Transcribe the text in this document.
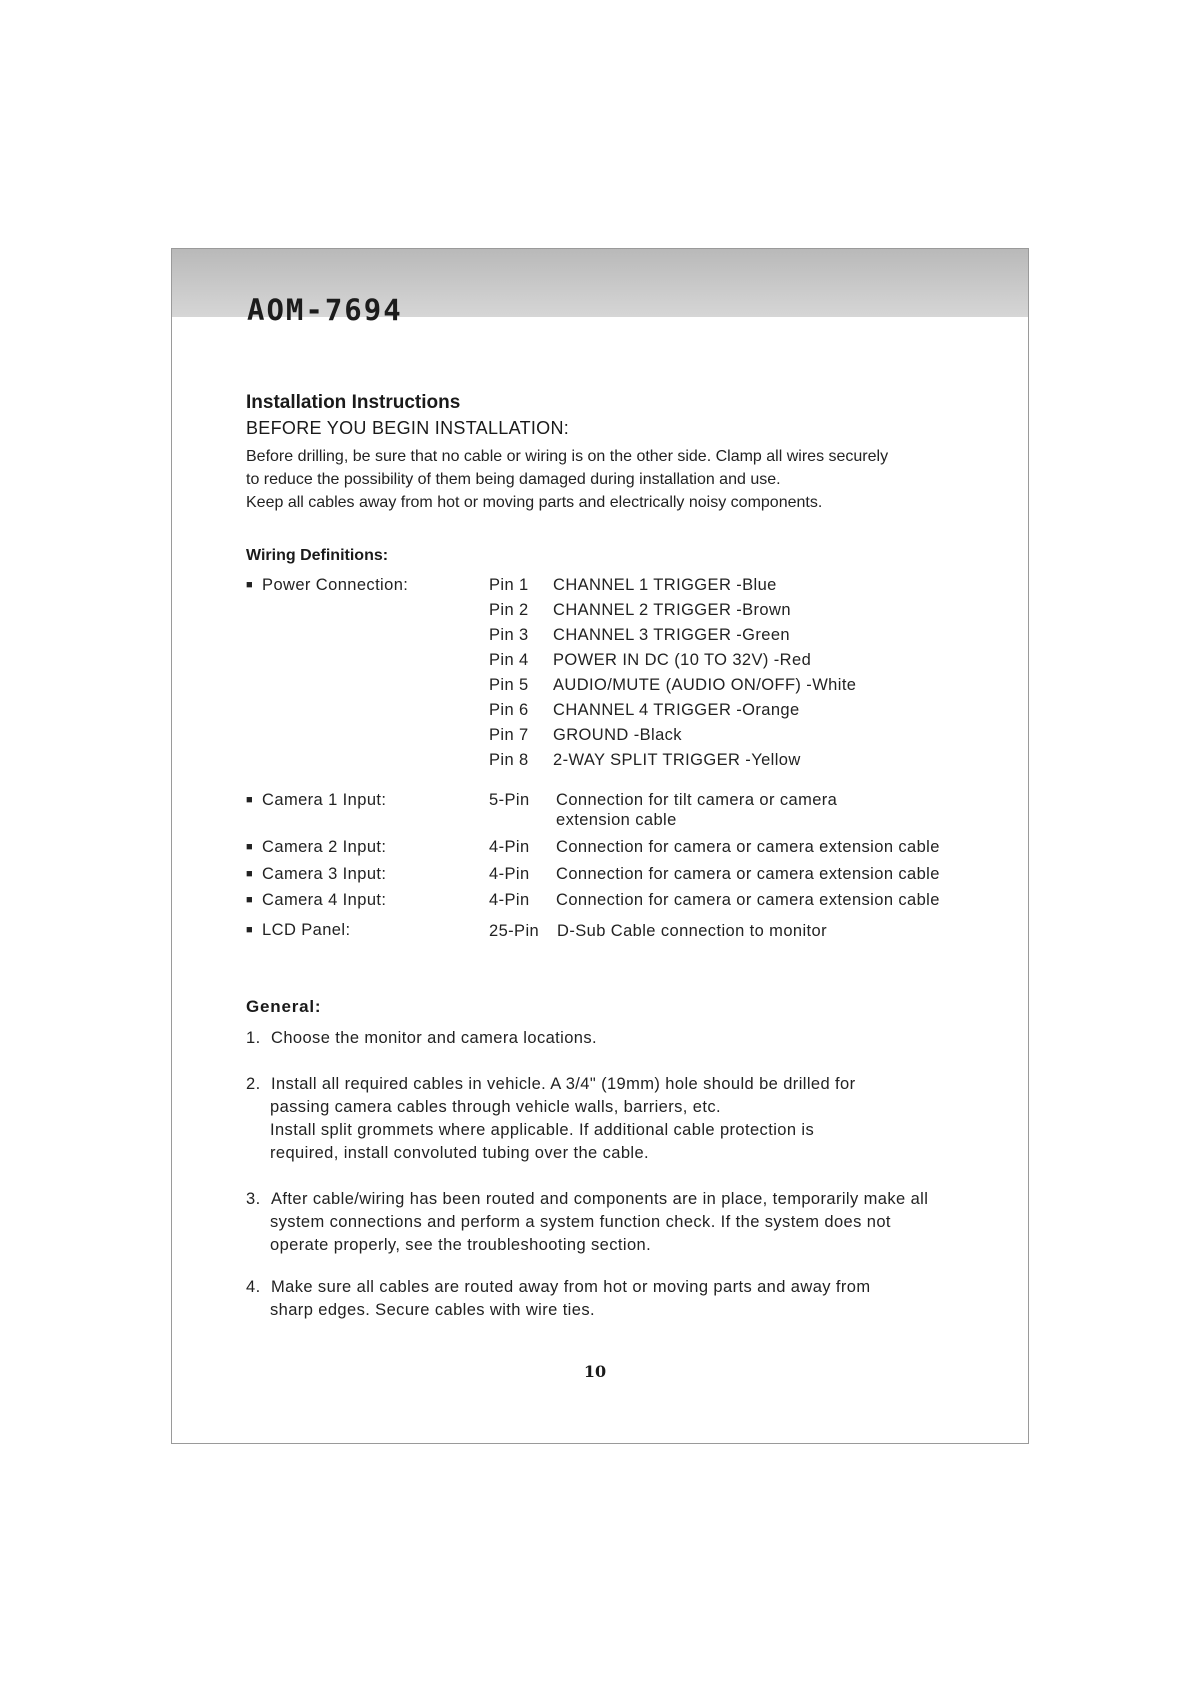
AOM-7694
Installation Instructions
BEFORE YOU BEGIN INSTALLATION:
Before drilling, be sure that no cable or wiring is on the other side. Clamp all wires securely
to reduce the possibility of them being damaged during installation and use.
Keep all cables away from hot or moving parts and electrically noisy components.
Wiring Definitions:
■ Power Connection:	Pin 1 CHANNEL 1 TRIGGER -Blue
Pin 2 CHANNEL 2 TRIGGER -Brown
Pin 3 CHANNEL 3 TRIGGER -Green
Pin 4 POWER IN DC (10 TO 32V) -Red
Pin 5 AUDIO/MUTE (AUDIO ON/OFF) -White
Pin 6 CHANNEL 4 TRIGGER -Orange
Pin 7 GROUND -Black
Pin 8 2-WAY SPLIT TRIGGER -Yellow
■ Camera 1 Input:	5-Pin Connection for tilt camera or camera
extension cable
■ Camera 2 Input:	4-Pin Connection for camera or camera extension cable
■ Camera 3 Input:	4-Pin Connection for camera or camera extension cable
■ Camera 4 Input:	4-Pin Connection for camera or camera extension cable
■ LCD Panel:	25-Pin D-Sub Cable connection to monitor
General:
1. Choose the monitor and camera locations.
2. Install all required cables in vehicle. A 3/4" (19mm) hole should be drilled for
passing camera cables through vehicle walls, barriers, etc.
Install split grommets where applicable. If additional cable protection is
required, install convoluted tubing over the cable.
3. After cable/wiring has been routed and components are in place, temporarily make all
system connections and perform a system function check. If the system does not
operate properly, see the troubleshooting section.
4. Make sure all cables are routed away from hot or moving parts and away from
sharp edges. Secure cables with wire ties.
10
